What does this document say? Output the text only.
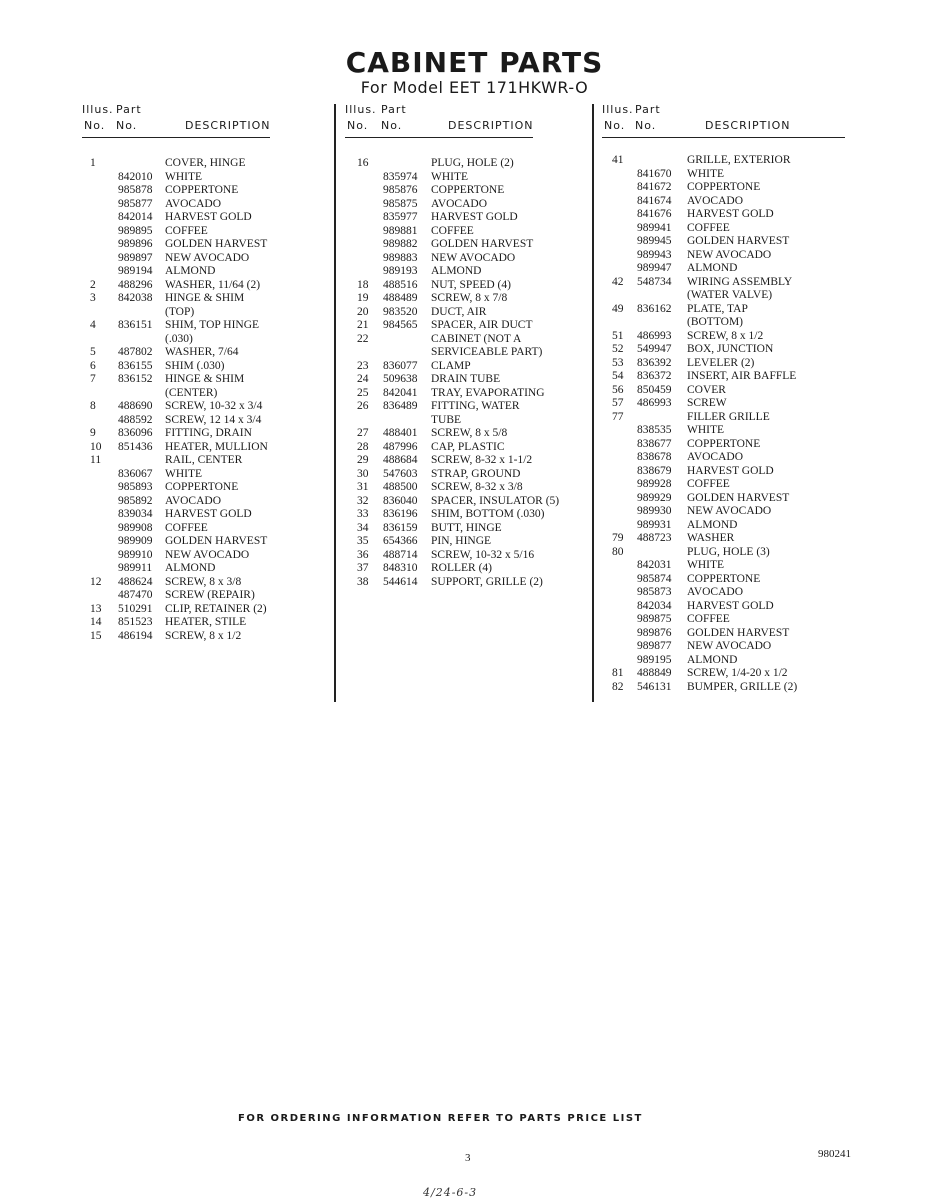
CABINET PARTS
For Model EET 171HKWR-O
FOR ORDERING INFORMATION REFER TO PARTS PRICE LIST
3	980241
4/24-6-3
Illus. Part
No. No.	DESCRIPTION
1	COVER, HINGE
842010 WHITE
985878 COPPERTONE
985877 AVOCADO
842014 HARVEST GOLD
989895 COFFEE
989896 GOLDEN HARVEST
989897 NEW AVOCADO
989194 ALMOND
2 488296 WASHER, 11/64 (2)
3 842038 HINGE & SHIM
(TOP)
4 836151 SHIM, TOP HINGE
(.030)
5 487802 WASHER, 7/64
6 836155 SHIM (.030)
7 836152 HINGE & SHIM
(CENTER)
8 488690 SCREW, 10-32 x 3/4
488592 SCREW, 12 14 x 3/4
9 836096 FITTING, DRAIN
10 851436 HEATER, MULLION
11	RAIL, CENTER
836067 WHITE
985893 COPPERTONE
985892 AVOCADO
839034 HARVEST GOLD
989908 COFFEE
989909 GOLDEN HARVEST
989910 NEW AVOCADO
989911 ALMOND
12 488624 SCREW, 8 x 3/8
487470 SCREW (REPAIR)
13 510291 CLIP, RETAINER (2)
14 851523 HEATER, STILE
15 486194 SCREW, 8 x 1/2
Illus. Part
No. No.	DESCRIPTION
16	PLUG, HOLE (2)
835974 WHITE
985876 COPPERTONE
985875 AVOCADO
835977 HARVEST GOLD
989881 COFFEE
989882 GOLDEN HARVEST
989883 NEW AVOCADO
989193 ALMOND
18 488516 NUT, SPEED (4)
19 488489 SCREW, 8 x 7/8
20 983520 DUCT, AIR
21 984565 SPACER, AIR DUCT
22	CABINET (NOT A
SERVICEABLE PART)
23 836077 CLAMP
24 509638 DRAIN TUBE
25 842041 TRAY, EVAPORATING
26 836489 FITTING, WATER
TUBE
27 488401 SCREW, 8 x 5/8
28 487996 CAP, PLASTIC
29 488684 SCREW, 8-32 x 1-1/2
30 547603 STRAP, GROUND
31 488500 SCREW, 8-32 x 3/8
32 836040 SPACER, INSULATOR (5)
33 836196 SHIM, BOTTOM (.030)
34 836159 BUTT, HINGE
35 654366 PIN, HINGE
36 488714 SCREW, 10-32 x 5/16
37 848310 ROLLER (4)
38 544614 SUPPORT, GRILLE (2)
Illus. Part
No. No.	DESCRIPTION
41	GRILLE, EXTERIOR
841670 WHITE
841672 COPPERTONE
841674 AVOCADO
841676 HARVEST GOLD
989941 COFFEE
989945 GOLDEN HARVEST
989943 NEW AVOCADO
989947 ALMOND
42 548734 WIRING ASSEMBLY
(WATER VALVE)
49 836162 PLATE, TAP
(BOTTOM)
51 486993 SCREW, 8 x 1/2
52 549947 BOX, JUNCTION
53 836392 LEVELER (2)
54 836372 INSERT, AIR BAFFLE
56 850459 COVER
57 486993 SCREW
77	FILLER GRILLE
838535 WHITE
838677 COPPERTONE
838678 AVOCADO
838679 HARVEST GOLD
989928 COFFEE
989929 GOLDEN HARVEST
989930 NEW AVOCADO
989931 ALMOND
79 488723 WASHER
80	PLUG, HOLE (3)
842031 WHITE
985874 COPPERTONE
985873 AVOCADO
842034 HARVEST GOLD
989875 COFFEE
989876 GOLDEN HARVEST
989877 NEW AVOCADO
989195 ALMOND
81 488849 SCREW, 1/4-20 x 1/2
82 546131 BUMPER, GRILLE (2)
